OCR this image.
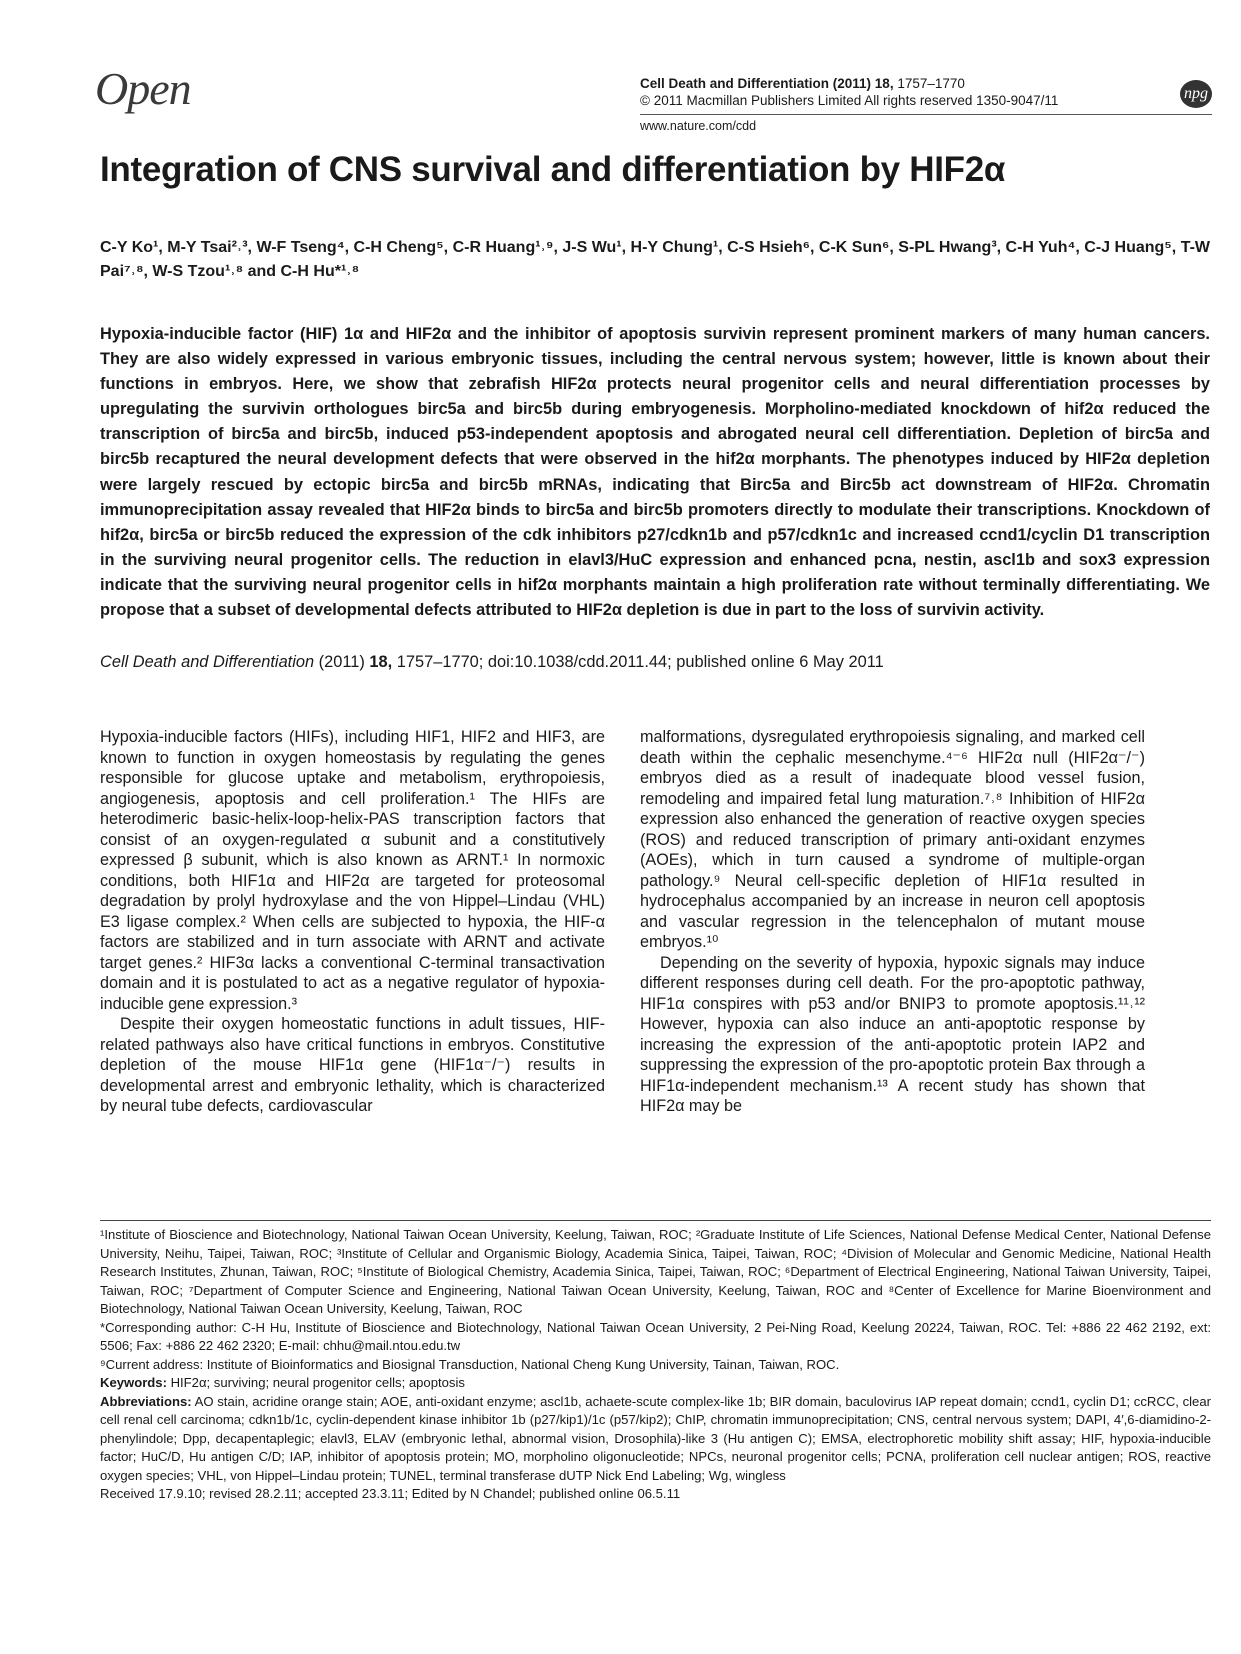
Open	Cell Death and Differentiation (2011) 18, 1757–1770
© 2011 Macmillan Publishers Limited All rights reserved 1350-9047/11	npg
www.nature.com/cdd
Integration of CNS survival and differentiation by HIF2α
C-Y Ko¹, M-Y Tsai²˒³, W-F Tseng⁴, C-H Cheng⁵, C-R Huang¹˒⁹, J-S Wu¹, H-Y Chung¹, C-S Hsieh⁶, C-K Sun⁶, S-PL Hwang³, C-H Yuh⁴, C-J Huang⁵, T-W Pai⁷˒⁸, W-S Tzou¹˒⁸ and C-H Hu*¹˒⁸
Hypoxia-inducible factor (HIF) 1α and HIF2α and the inhibitor of apoptosis survivin represent prominent markers of many human cancers. They are also widely expressed in various embryonic tissues, including the central nervous system; however, little is known about their functions in embryos. Here, we show that zebrafish HIF2α protects neural progenitor cells and neural differentiation processes by upregulating the survivin orthologues birc5a and birc5b during embryogenesis. Morpholino-mediated knockdown of hif2α reduced the transcription of birc5a and birc5b, induced p53-independent apoptosis and abrogated neural cell differentiation. Depletion of birc5a and birc5b recaptured the neural development defects that were observed in the hif2α morphants. The phenotypes induced by HIF2α depletion were largely rescued by ectopic birc5a and birc5b mRNAs, indicating that Birc5a and Birc5b act downstream of HIF2α. Chromatin immunoprecipitation assay revealed that HIF2α binds to birc5a and birc5b promoters directly to modulate their transcriptions. Knockdown of hif2α, birc5a or birc5b reduced the expression of the cdk inhibitors p27/cdkn1b and p57/cdkn1c and increased ccnd1/cyclin D1 transcription in the surviving neural progenitor cells. The reduction in elavl3/HuC expression and enhanced pcna, nestin, ascl1b and sox3 expression indicate that the surviving neural progenitor cells in hif2α morphants maintain a high proliferation rate without terminally differentiating. We propose that a subset of developmental defects attributed to HIF2α depletion is due in part to the loss of survivin activity.
Cell Death and Differentiation (2011) 18, 1757–1770; doi:10.1038/cdd.2011.44; published online 6 May 2011

Hypoxia-inducible factors (HIFs), including HIF1, HIF2 and HIF3, are known to function in oxygen homeostasis by regulating the genes responsible for glucose uptake and metabolism, erythropoiesis, angiogenesis, apoptosis and cell proliferation.¹ The HIFs are heterodimeric basic-helix-loop-helix-PAS transcription factors that consist of an oxygen-regulated α subunit and a constitutively expressed β subunit, which is also known as ARNT.¹ In normoxic conditions, both HIF1α and HIF2α are targeted for proteosomal degradation by prolyl hydroxylase and the von Hippel–Lindau (VHL) E3 ligase complex.² When cells are subjected to hypoxia, the HIF-α factors are stabilized and in turn associate with ARNT and activate target genes.² HIF3α lacks a conventional C-terminal transactivation domain and it is postulated to act as a negative regulator of hypoxia-inducible gene expression.³

Despite their oxygen homeostatic functions in adult tissues, HIF-related pathways also have critical functions in embryos. Constitutive depletion of the mouse HIF1α gene (HIF1α⁻/⁻) results in developmental arrest and embryonic lethality, which is characterized by neural tube defects, cardiovascular

malformations, dysregulated erythropoiesis signaling, and marked cell death within the cephalic mesenchyme.⁴⁻⁶ HIF2α null (HIF2α⁻/⁻) embryos died as a result of inadequate blood vessel fusion, remodeling and impaired fetal lung maturation.⁷˒⁸ Inhibition of HIF2α expression also enhanced the generation of reactive oxygen species (ROS) and reduced transcription of primary anti-oxidant enzymes (AOEs), which in turn caused a syndrome of multiple-organ pathology.⁹ Neural cell-specific depletion of HIF1α resulted in hydrocephalus accompanied by an increase in neuron cell apoptosis and vascular regression in the telencephalon of mutant mouse embryos.¹⁰

Depending on the severity of hypoxia, hypoxic signals may induce different responses during cell death. For the pro-apoptotic pathway, HIF1α conspires with p53 and/or BNIP3 to promote apoptosis.¹¹˒¹² However, hypoxia can also induce an anti-apoptotic response by increasing the expression of the anti-apoptotic protein IAP2 and suppressing the expression of the pro-apoptotic protein Bax through a HIF1α-independent mechanism.¹³ A recent study has shown that HIF2α may be

¹Institute of Bioscience and Biotechnology, National Taiwan Ocean University, Keelung, Taiwan, ROC; ²Graduate Institute of Life Sciences, National Defense Medical Center, National Defense University, Neihu, Taipei, Taiwan, ROC; ³Institute of Cellular and Organismic Biology, Academia Sinica, Taipei, Taiwan, ROC; ⁴Division of Molecular and Genomic Medicine, National Health Research Institutes, Zhunan, Taiwan, ROC; ⁵Institute of Biological Chemistry, Academia Sinica, Taipei, Taiwan, ROC; ⁶Department of Electrical Engineering, National Taiwan University, Taipei, Taiwan, ROC; ⁷Department of Computer Science and Engineering, National Taiwan Ocean University, Keelung, Taiwan, ROC and ⁸Center of Excellence for Marine Bioenvironment and Biotechnology, National Taiwan Ocean University, Keelung, Taiwan, ROC

*Corresponding author: C-H Hu, Institute of Bioscience and Biotechnology, National Taiwan Ocean University, 2 Pei-Ning Road, Keelung 20224, Taiwan, ROC. Tel: +886 22 462 2192, ext: 5506; Fax: +886 22 462 2320; E-mail: chhu@mail.ntou.edu.tw

⁹Current address: Institute of Bioinformatics and Biosignal Transduction, National Cheng Kung University, Tainan, Taiwan, ROC.

Keywords: HIF2α; surviving; neural progenitor cells; apoptosis

Abbreviations: AO stain, acridine orange stain; AOE, anti-oxidant enzyme; ascl1b, achaete-scute complex-like 1b; BIR domain, baculovirus IAP repeat domain; ccnd1, cyclin D1; ccRCC, clear cell renal cell carcinoma; cdkn1b/1c, cyclin-dependent kinase inhibitor 1b (p27/kip1)/1c (p57/kip2); ChIP, chromatin immunoprecipitation; CNS, central nervous system; DAPI, 4′,6-diamidino-2-phenylindole; Dpp, decapentaplegic; elavl3, ELAV (embryonic lethal, abnormal vision, Drosophila)-like 3 (Hu antigen C); EMSA, electrophoretic mobility shift assay; HIF, hypoxia-inducible factor; HuC/D, Hu antigen C/D; IAP, inhibitor of apoptosis protein; MO, morpholino oligonucleotide; NPCs, neuronal progenitor cells; PCNA, proliferation cell nuclear antigen; ROS, reactive oxygen species; VHL, von Hippel–Lindau protein; TUNEL, terminal transferase dUTP Nick End Labeling; Wg, wingless

Received 17.9.10; revised 28.2.11; accepted 23.3.11; Edited by N Chandel; published online 06.5.11
